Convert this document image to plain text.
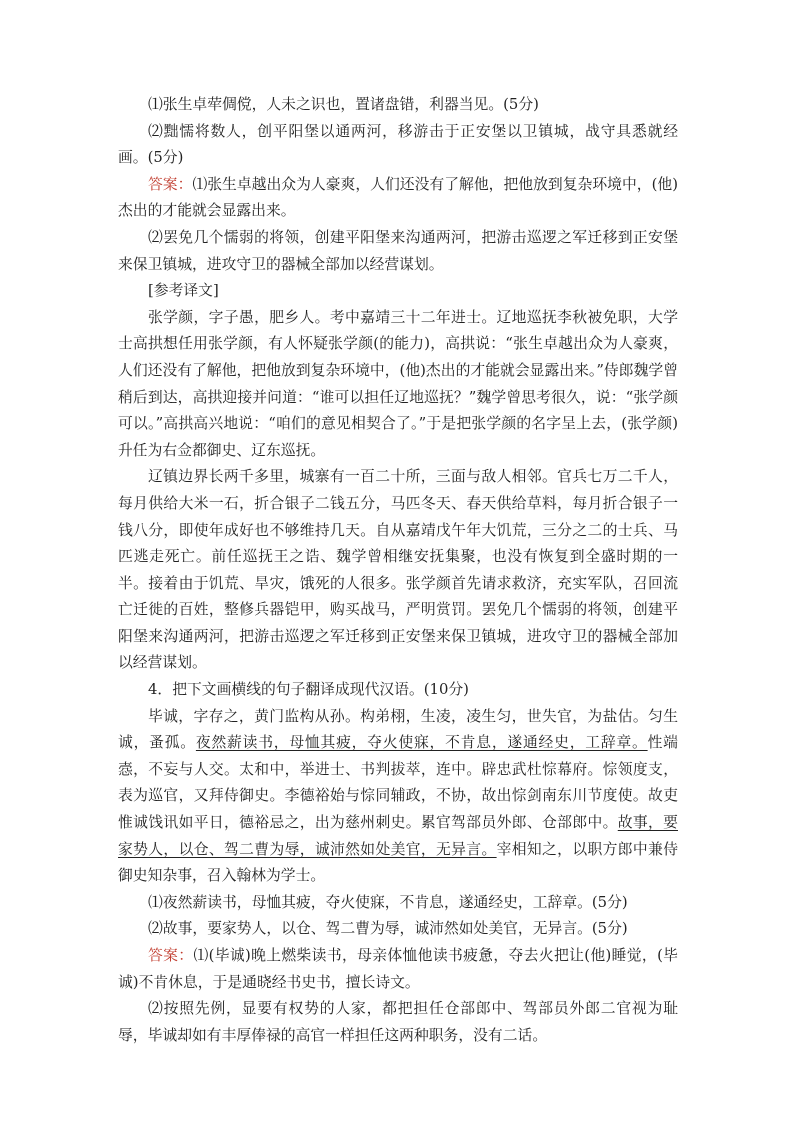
⑴张生卓荦倜傥，人未之识也，置诸盘错，利器当见。(5分)

⑵黜懦将数人，创平阳堡以通两河，移游击于正安堡以卫镇城，战守具悉就经画。(5分)

答案：⑴张生卓越出众为人豪爽，人们还没有了解他，把他放到复杂环境中，(他)杰出的才能就会显露出来。

⑵罢免几个懦弱的将领，创建平阳堡来沟通两河，把游击巡逻之军迁移到正安堡来保卫镇城，进攻守卫的器械全部加以经营谋划。

[参考译文]

张学颜，字子愚，肥乡人。考中嘉靖三十二年进士。辽地巡抚李秋被免职，大学士高拱想任用张学颜，有人怀疑张学颜(的能力)，高拱说：“张生卓越出众为人豪爽，人们还没有了解他，把他放到复杂环境中，(他)杰出的才能就会显露出来。”侍郎魏学曾稍后到达，高拱迎接并问道：“谁可以担任辽地巡抚？”魏学曾思考很久，说：“张学颜可以。”高拱高兴地说：“咱们的意见相契合了。”于是把张学颜的名字呈上去，(张学颜)升任为右佥都御史、辽东巡抚。

辽镇边界长两千多里，城寨有一百二十所，三面与敌人相邻。官兵七万二千人，每月供给大米一石，折合银子二钱五分，马匹冬天、春天供给草料，每月折合银子一钱八分，即使年成好也不够维持几天。自从嘉靖戊午年大饥荒，三分之二的士兵、马匹逃走死亡。前任巡抚王之诰、魏学曾相继安抚集聚，也没有恢复到全盛时期的一半。接着由于饥荒、旱灾，饿死的人很多。张学颜首先请求救济，充实军队，召回流亡迁徙的百姓，整修兵器铠甲，购买战马，严明赏罚。罢免几个懦弱的将领，创建平阳堡来沟通两河，把游击巡逻之军迁移到正安堡来保卫镇城，进攻守卫的器械全部加以经营谋划。

4．把下文画横线的句子翻译成现代汉语。(10分)

毕诚，字存之，黄门监构从孙。构弟栩，生凌，凌生匀，世失官，为盐估。匀生诚，蚤孤。夜然薪读书，母恤其疲，夺火使寐，不肯息，遂通经史，工辞章。性端悫，不妄与人交。太和中，举进士、书判拔萃，连中。辟忠武杜悰幕府。悰领度支，表为巡官，又拜侍御史。李德裕始与悰同辅政，不协，故出悰剑南东川节度使。故吏惟诚饯讯如平日，德裕忌之，出为慈州刺史。累官驾部员外郎、仓部郎中。故事，要家势人，以仓、驾二曹为辱，诚沛然如处美官，无异言。宰相知之，以职方郎中兼侍御史知杂事，召入翰林为学士。

⑴夜然薪读书，母恤其疲，夺火使寐，不肯息，遂通经史，工辞章。(5分)

⑵故事，要家势人，以仓、驾二曹为辱，诚沛然如处美官，无异言。(5分)

答案：⑴(毕诚)晚上燃柴读书，母亲体恤他读书疲惫，夺去火把让(他)睡觉，(毕诚)不肯休息，于是通晓经书史书，擅长诗文。

⑵按照先例，显要有权势的人家，都把担任仓部郎中、驾部员外郎二官视为耻辱，毕诚却如有丰厚俸禄的高官一样担任这两种职务，没有二话。
